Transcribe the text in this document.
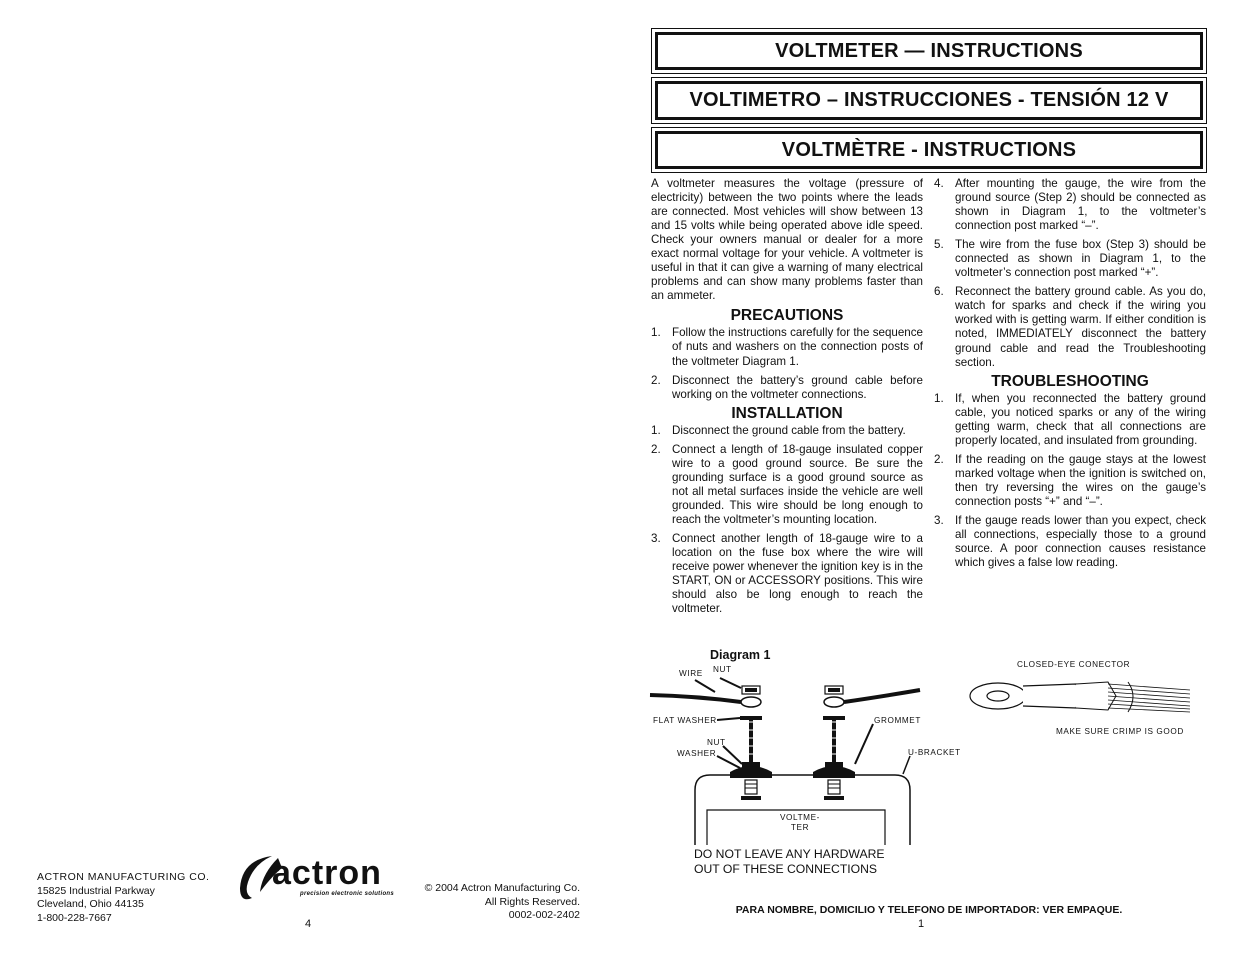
VOLTMETER — INSTRUCTIONS
VOLTIMETRO – INSTRUCCIONES - TENSIÓN 12 V
VOLTMÈTRE - INSTRUCTIONS

A voltmeter measures the voltage (pressure of electricity) between the two points where the leads are connected. Most vehicles will show between 13 and 15 volts while being operated above idle speed. Check your owners manual or dealer for a more exact normal voltage for your vehicle. A voltmeter is useful in that it can give a warning of many electrical problems and can show many problems faster than an ammeter.

PRECAUTIONS
1. Follow the instructions carefully for the sequence of nuts and washers on the connection posts of the voltmeter Diagram 1.
2. Disconnect the battery’s ground cable before working on the voltmeter connections.
INSTALLATION
1. Disconnect the ground cable from the battery.
2. Connect a length of 18-gauge insulated copper wire to a good ground source. Be sure the grounding surface is a good ground source as not all metal surfaces inside the vehicle are well grounded. This wire should be long enough to reach the voltmeter’s mounting location.
3. Connect another length of 18-gauge wire to a location on the fuse box where the wire will receive power whenever the ignition key is in the START, ON or ACCESSORY positions. This wire should also be long enough to reach the voltmeter.
4. After mounting the gauge, the wire from the ground source (Step 2) should be connected as shown in Diagram 1, to the voltmeter’s connection post marked “–”.
5. The wire from the fuse box (Step 3) should be connected as shown in Diagram 1, to the voltmeter’s connection post marked “+”.
6. Reconnect the battery ground cable. As you do, watch for sparks and check if the wiring you worked with is getting warm. If either condition is noted, IMMEDIATELY disconnect the battery ground cable and read the Troubleshooting section.
TROUBLESHOOTING
1. If, when you reconnected the battery ground cable, you noticed sparks or any of the wiring getting warm, check that all connections are properly located, and insulated from grounding.
2. If the reading on the gauge stays at the lowest marked voltage when the ignition is switched on, then try reversing the wires on the gauge’s connection posts “+” and “–”.
3. If the gauge reads lower than you expect, check all connections, especially those to a ground source. A poor connection causes resistance which gives a false low reading.
Diagram 1
WIRE NUT
FLAT WASHER
NUT
WASHER
GROMMET
U-BRACKET
VOLTME-
TER
CLOSED-EYE CONECTOR
MAKE SURE CRIMP IS GOOD
DO NOT LEAVE ANY HARDWARE
OUT OF THESE CONNECTIONS
PARA NOMBRE, DOMICILIO Y TELEFONO DE IMPORTADOR: VER EMPAQUE.
1
ACTRON MANUFACTURING CO.
15825 Industrial Parkway
Cleveland, Ohio 44135
1-800-228-7667
actron
precision electronic solutions	© 2004 Actron Manufacturing Co.
All Rights Reserved.
0002-002-2402
4
